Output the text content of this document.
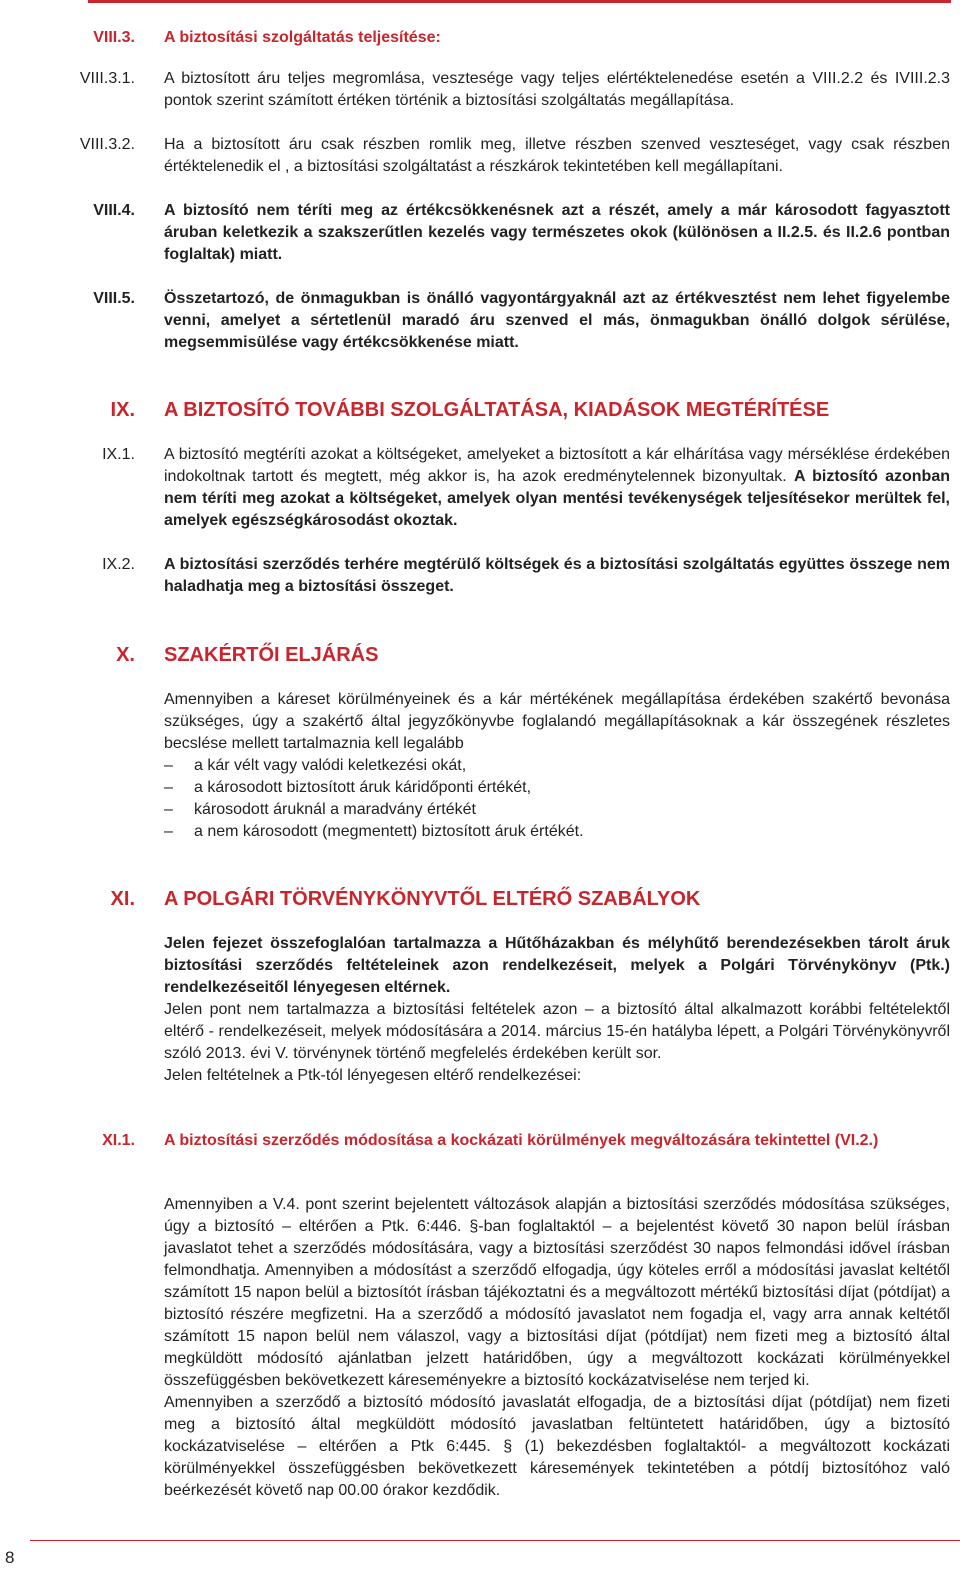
VIII.3. A biztosítási szolgáltatás teljesítése:
VIII.3.1. A biztosított áru teljes megromlása, vesztesége vagy teljes elértéktelenedése esetén a VIII.2.2 és IVIII.2.3 pontok szerint számított értéken történik a biztosítási szolgáltatás megállapítása.
VIII.3.2. Ha a biztosított áru csak részben romlik meg, illetve részben szenved veszteséget, vagy csak részben értéktelenedik el , a biztosítási szolgáltatást a részkárok tekintetében kell megállapítani.
VIII.4. A biztosító nem téríti meg az értékcsökkenésnek azt a részét, amely a már károsodott fagyasztott áruban keletkezik a szakszerűtlen kezelés vagy természetes okok (különösen a II.2.5. és II.2.6 pontban foglaltak) miatt.
VIII.5. Összetartozó, de önmagukban is önálló vagyontárgyaknál azt az értékvesztést nem lehet figyelembe venni, amelyet a sértetlenül maradó áru szenved el más, önmagukban önálló dolgok sérülése, megsemmisülése vagy értékcsökkenése miatt.
IX. A BIZTOSÍTÓ TOVÁBBI SZOLGÁLTATÁSA, KIADÁSOK MEGTÉRÍTÉSE
IX.1. A biztosító megtéríti azokat a költségeket, amelyeket a biztosított a kár elhárítása vagy mérséklése érdekében indokoltnak tartott és megtett, még akkor is, ha azok eredménytelennek bizonyultak. A biztosító azonban nem téríti meg azokat a költségeket, amelyek olyan mentési tevékenységek teljesítésekor merültek fel, amelyek egészségkárosodást okoztak.
IX.2. A biztosítási szerződés terhére megtérülő költségek és a biztosítási szolgáltatás együttes összege nem haladhatja meg a biztosítási összeget.
X. SZAKÉRTŐI ELJÁRÁS

Amennyiben a káreset körülményeinek és a kár mértékének megállapítása érdekében szakértő bevonása szükséges, úgy a szakértő által jegyzőkönyvbe foglalandó megállapításoknak a kár összegének részletes becslése mellett tartalmaznia kell legalább

– a kár vélt vagy valódi keletkezési okát,
– a károsodott biztosított áruk káridőponti értékét,
– károsodott áruknál a maradvány értékét
– a nem károsodott (megmentett) biztosított áruk értékét.
XI. A POLGÁRI TÖRVÉNYKÖNYVTŐL ELTÉRŐ SZABÁLYOK

Jelen fejezet összefoglalóan tartalmazza a Hűtőházakban és mélyhűtő berendezésekben tárolt áruk biztosítási szerződés feltételeinek azon rendelkezéseit, melyek a Polgári Törvénykönyv (Ptk.) rendelkezéseitől lényegesen eltérnek.

Jelen pont nem tartalmazza a biztosítási feltételek azon – a biztosító által alkalmazott korábbi feltételektől eltérő - rendelkezéseit, melyek módosítására a 2014. március 15-én hatályba lépett, a Polgári Törvénykönyvről szóló 2013. évi V. törvénynek történő megfelelés érdekében került sor.

Jelen feltételnek a Ptk-tól lényegesen eltérő rendelkezései:

XI.1. A biztosítási szerződés módosítása a kockázati körülmények megváltozására tekintettel (VI.2.)

Amennyiben a V.4. pont szerint bejelentett változások alapján a biztosítási szerződés módosítása szükséges, úgy a biztosító – eltérően a Ptk. 6:446. §-ban foglaltaktól – a bejelentést követő 30 napon belül írásban javaslatot tehet a szerződés módosítására, vagy a biztosítási szerződést 30 napos felmondási idővel írásban felmondhatja. Amennyiben a módosítást a szerződő elfogadja, úgy köteles erről a módosítási javaslat keltétől számított 15 napon belül a biztosítót írásban tájékoztatni és a megváltozott mértékű biztosítási díjat (pótdíjat) a biztosító részére megfizetni. Ha a szerződő a módosító javaslatot nem fogadja el, vagy arra annak keltétől számított 15 napon belül nem válaszol, vagy a biztosítási díjat (pótdíjat) nem fizeti meg a biztosító által megküldött módosító ajánlatban jelzett határidőben, úgy a megváltozott kockázati körülményekkel összefüggésben bekövetkezett káreseményekre a biztosító kockázatviselése nem terjed ki.

Amennyiben a szerződő a biztosító módosító javaslatát elfogadja, de a biztosítási díjat (pótdíjat) nem fizeti meg a biztosító által megküldött módosító javaslatban feltüntetett határidőben, úgy a biztosító kockázatviselése – eltérően a Ptk 6:445. § (1) bekezdésben foglaltaktól- a megváltozott kockázati körülményekkel összefüggésben bekövetkezett káresemények tekintetében a pótdíj biztosítóhoz való beérkezését követő nap 00.00 órakor kezdődik.

8
